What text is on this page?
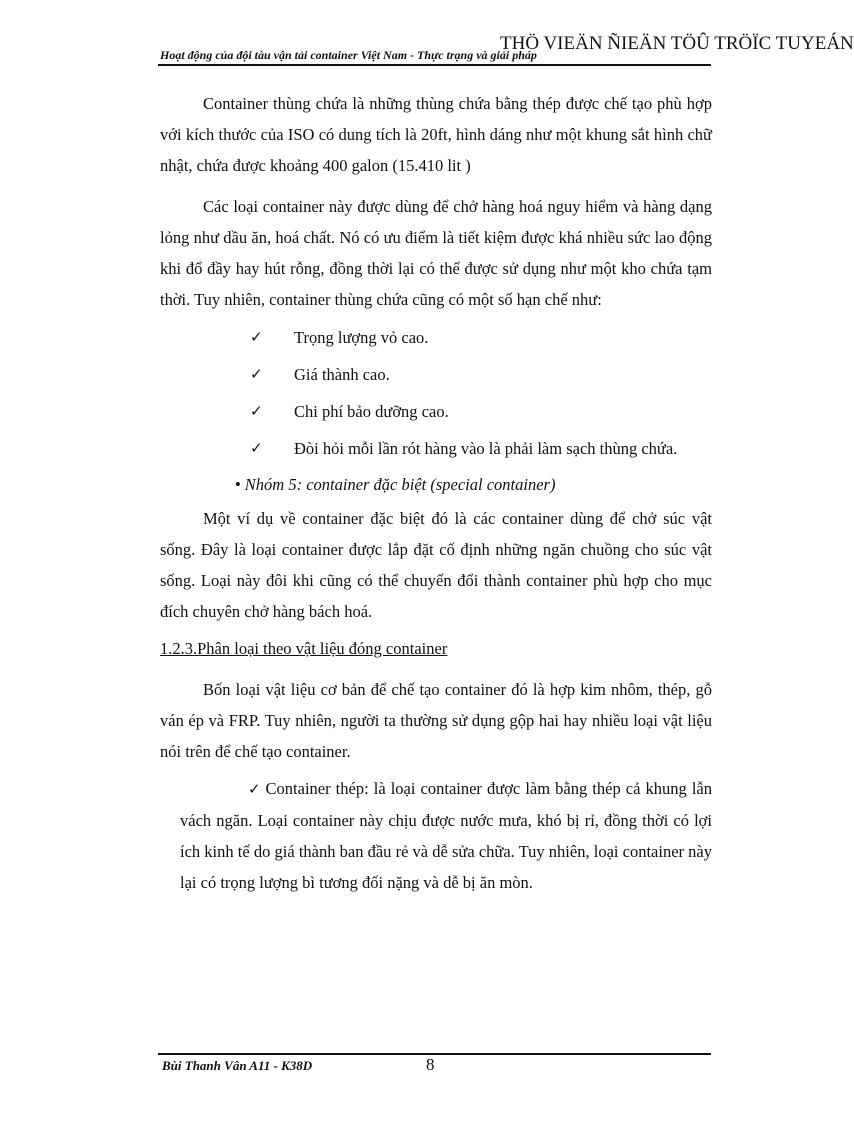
Hoạt động của đội tàu vận tải container Việt Nam - Thực trạng và giải pháp
THÖ VIEÄN ÑIEÄN TÖÛ TRÖÏC TUYEÁN

Container thùng chứa là những thùng chứa bằng thép được chế tạo phù hợp với kích thước của ISO có dung tích là 20ft, hình dáng như một khung sắt hình chữ nhật, chứa được khoảng 400 galon (15.410 lit )

Các loại container này được dùng để chở hàng hoá nguy hiểm và hàng dạng lỏng như dầu ăn, hoá chất. Nó có ưu điểm là tiết kiệm được khá nhiều sức lao động khi đổ đầy hay hút rỗng, đồng thời lại có thể được sử dụng như một kho chứa tạm thời. Tuy nhiên, container thùng chứa cũng có một số hạn chế như:

✓ Trọng lượng vỏ cao.
✓ Giá thành cao.
✓ Chi phí bảo dưỡng cao.
✓ Đòi hỏi mỗi lần rót hàng vào là phải làm sạch thùng chứa.
• Nhóm 5: container đặc biệt (special container)

Một ví dụ về container đặc biệt đó là các container dùng để chở súc vật sống. Đây là loại container được lắp đặt cố định những ngăn chuồng cho súc vật sống. Loại này đôi khi cũng có thể chuyển đổi thành container phù hợp cho mục đích chuyên chở hàng bách hoá.

1.2.3.Phân loại theo vật liệu đóng container

Bốn loại vật liệu cơ bản để chế tạo container đó là hợp kim nhôm, thép, gỗ ván ép và FRP. Tuy nhiên, người ta thường sử dụng gộp hai hay nhiều loại vật liệu nói trên để chế tạo container.

✓ Container thép: là loại container được làm bằng thép cả khung lẫn vách ngăn. Loại container này chịu được nước mưa, khó bị rỉ, đồng thời có lợi ích kinh tế do giá thành ban đầu rẻ và dễ sửa chữa. Tuy nhiên, loại container này lại có trọng lượng bì tương đối nặng và dễ bị ăn mòn.

Bùi Thanh Vân A11 - K38D	8
